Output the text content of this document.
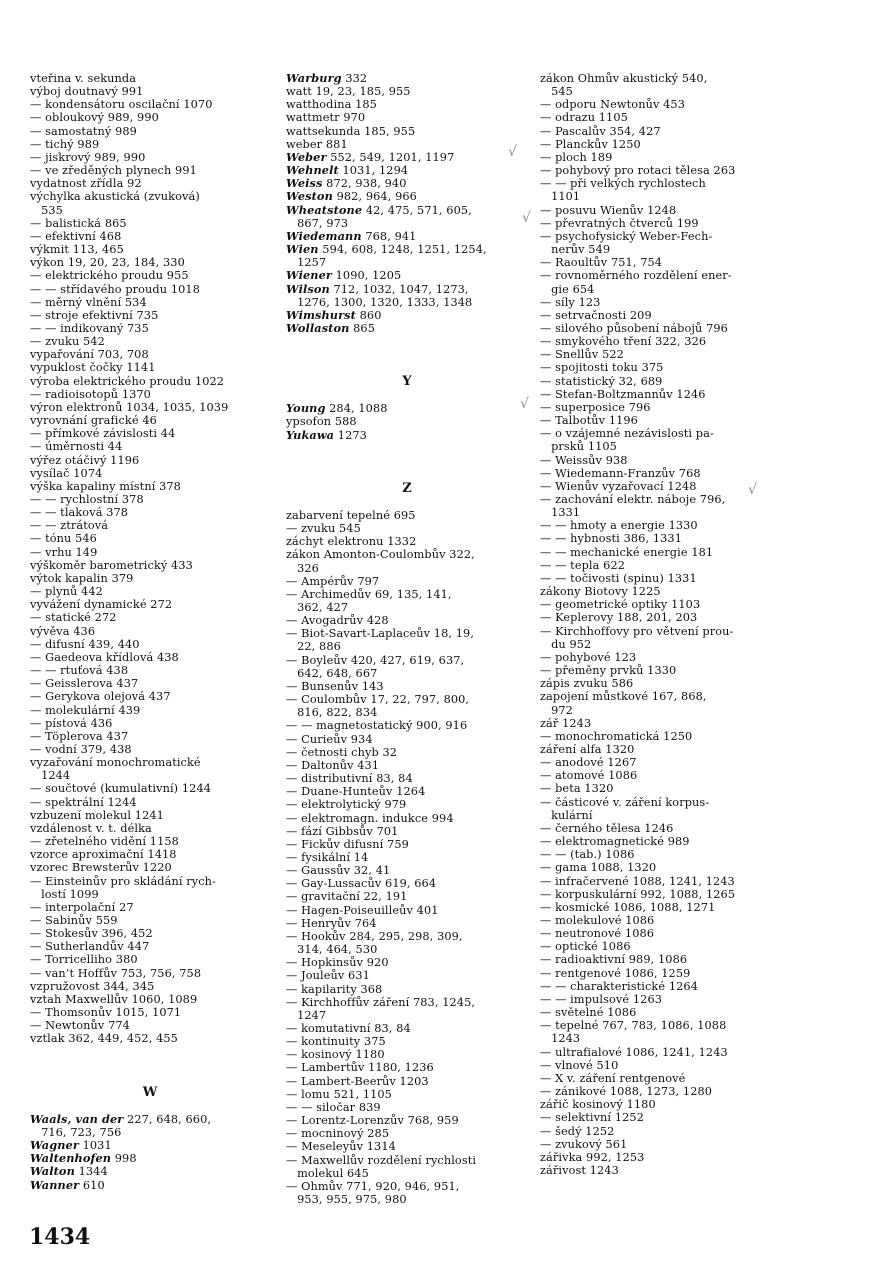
vteřina v. sekunda
výboj doutnavý 991
— kondensátoru oscilační 1070
— obloukový 989, 990
— samostatný 989
— tichý 989
— jiskrový 989, 990
— ve zředěných plynech 991
vydatnost zřídla 92
výchylka akustická (zvuková)
535
— balistická 865
— efektivní 468
výkmit 113, 465
výkon 19, 20, 23, 184, 330
— elektrického proudu 955
— — střídavého proudu 1018
— měrný vlnění 534
— stroje efektivní 735
— — indikovaný 735
— zvuku 542
vypařování 703, 708
vypuklost čočky 1141
výroba elektrického proudu 1022
— radioisotopů 1370
výron elektronů 1034, 1035, 1039
vyrovnání grafické 46
— přímkové závislosti 44
— úměrnosti 44
výřez otáčivý 1196
vysílač 1074
výška kapaliny místní 378
— — rychlostní 378
— — tlaková 378
— — ztrátová
— tónu 546
— vrhu 149
výškoměr barometrický 433
výtok kapalin 379
— plynů 442
vyvážení dynamické 272
— statické 272
vývěva 436
— difusní 439, 440
— Gaedeova křídlová 438
— — rtuťová 438
— Geisslerova 437
— Gerykova olejová 437
— molekulární 439
— pístová 436
— Töplerova 437
— vodní 379, 438
vyzařování monochromatické
1244
— součtové (kumulativní) 1244
— spektrální 1244
vzbuzení molekul 1241
vzdálenost v. t. délka
— zřetelného vidění 1158
vzorce aproximační 1418
vzorec Brewsterův 1220
— Einsteinův pro skládání rych-
lostí 1099
— interpolační 27
— Sabinův 559
— Stokesův 396, 452
— Sutherlandův 447
— Torricelliho 380
— van’t Hoffův 753, 756, 758
vzpružovost 344, 345
vztah Maxwellův 1060, 1089
— Thomsonův 1015, 1071
— Newtonův 774
vztlak 362, 449, 452, 455
W
Waals, van der 227, 648, 660,
716, 723, 756
Wagner 1031
Waltenhofen 998
Walton 1344
Wanner 610
Warburg 332
watt 19, 23, 185, 955
watthodina 185
wattmetr 970
wattsekunda 185, 955
weber 881
Weber 552, 549, 1201, 1197
Wehnelt 1031, 1294
Weiss 872, 938, 940
Weston 982, 964, 966
Wheatstone 42, 475, 571, 605,
867, 973
Wiedemann 768, 941
Wien 594, 608, 1248, 1251, 1254,
1257
Wiener 1090, 1205
Wilson 712, 1032, 1047, 1273,
1276, 1300, 1320, 1333, 1348
Wimshurst 860
Wollaston 865
Y
Young 284, 1088
ypsofon 588
Yukawa 1273
Z
zabarvení tepelné 695
— zvuku 545
záchyt elektronu 1332
zákon Amonton-Coulombův 322,
326
— Ampérův 797
— Archimedův 69, 135, 141,
362, 427
— Avogadrův 428
— Biot-Savart-Laplaceův 18, 19,
22, 886
— Boyleův 420, 427, 619, 637,
642, 648, 667
— Bunsenův 143
— Coulombův 17, 22, 797, 800,
816, 822, 834
— — magnetostatický 900, 916
— Curieův 934
— četnosti chyb 32
— Daltonův 431
— distributivní 83, 84
— Duane-Hunteův 1264
— elektrolytický 979
— elektromagn. indukce 994
— fází Gibbsův 701
— Fickův difusní 759
— fysikální 14
— Gaussův 32, 41
— Gay-Lussacův 619, 664
— gravitační 22, 191
— Hagen-Poiseuilleův 401
— Henryův 764
— Hookův 284, 295, 298, 309,
314, 464, 530
— Hopkinsův 920
— Jouleův 631
— kapilarity 368
— Kirchhoffův záření 783, 1245,
1247
— komutativní 83, 84
— kontinuity 375
— kosinový 1180
— Lambertův 1180, 1236
— Lambert-Beerův 1203
— lomu 521, 1105
— — siločar 839
— Lorentz-Lorenzův 768, 959
— mocninový 285
— Meseleyův 1314
— Maxwellův rozdělení rychlosti
molekul 645
— Ohmův 771, 920, 946, 951,
953, 955, 975, 980
zákon Ohmův akustický 540,
545
— odporu Newtonův 453
— odrazu 1105
— Pascalův 354, 427
— Planckův 1250
— ploch 189
— pohybový pro rotaci tělesa 263
— — při velkých rychlostech
1101
— posuvu Wienův 1248
— převratných čtverců 199
— psychofysický Weber-Fech-
nerův 549
— Raoultův 751, 754
— rovnoměrného rozdělení ener-
gie 654
— síly 123
— setrvačnosti 209
— silového působení nábojů 796
— smykového tření 322, 326
— Snellův 522
— spojitosti toku 375
— statistický 32, 689
— Stefan-Boltzmannův 1246
— superposice 796
— Talbotův 1196
— o vzájemné nezávislosti pa-
prsků 1105
— Weissův 938
— Wiedemann-Franzův 768
— Wienův vyzařovací 1248
— zachování elektr. náboje 796,
1331
— — hmoty a energie 1330
— — hybnosti 386, 1331
— — mechanické energie 181
— — tepla 622
— — točivosti (spinu) 1331
zákony Biotovy 1225
— geometrické optiky 1103
— Keplerovy 188, 201, 203
— Kirchhoffovy pro větvení prou-
du 952
— pohybové 123
— přeměny prvků 1330
zápis zvuku 586
zapojení můstkové 167, 868,
972
zář 1243
— monochromatická 1250
záření alfa 1320
— anodové 1267
— atomové 1086
— beta 1320
— částicové v. záření korpus-
kulární
— černého tělesa 1246
— elektromagnetické 989
— — (tab.) 1086
— gama 1088, 1320
— infračervené 1088, 1241, 1243
— korpuskulární 992, 1088, 1265
— kosmické 1086, 1088, 1271
— molekulové 1086
— neutronové 1086
— optické 1086
— radioaktivní 989, 1086
— rentgenové 1086, 1259
— — charakteristické 1264
— — impulsové 1263
— světelné 1086
— tepelné 767, 783, 1086, 1088
1243
— ultrafialové 1086, 1241, 1243
— vlnové 510
— X v. záření rentgenové
— zánikové 1088, 1273, 1280
zářič kosinový 1180
— selektivní 1252
— šedý 1252
— zvukový 561
zářivka 992, 1253
zářivost 1243
√
√
√
√
1434
